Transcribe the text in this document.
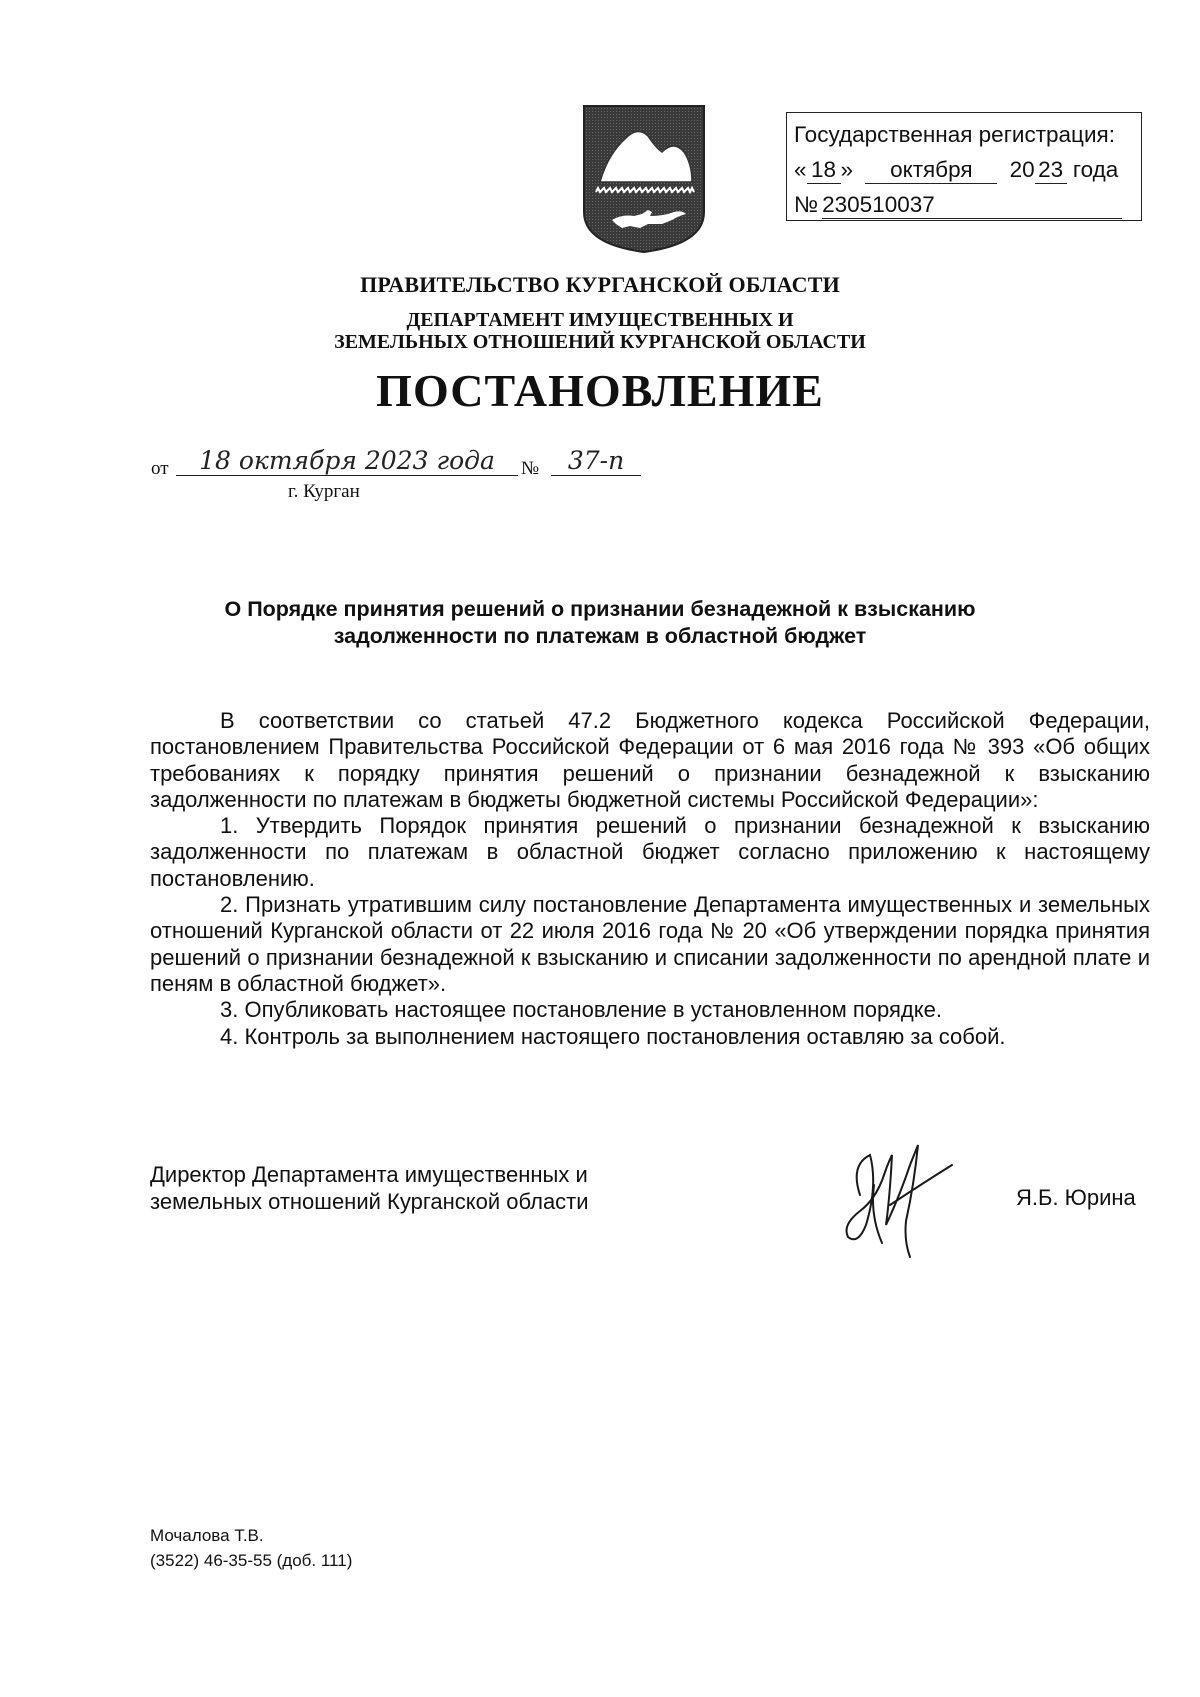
Государственная регистрация:
« 18 » октября 20 23 года
№ 230510037
ПРАВИТЕЛЬСТВО КУРГАНСКОЙ ОБЛАСТИ
ДЕПАРТАМЕНТ ИМУЩЕСТВЕННЫХ И
ЗЕМЕЛЬНЫХ ОТНОШЕНИЙ КУРГАНСКОЙ ОБЛАСТИ
ПОСТАНОВЛЕНИЕ
от	18 октября 2023 года	№	37-п
г. Курган
О Порядке принятия решений о признании безнадежной к взысканию
задолженности по платежам в областной бюджет

В соответствии со статьей 47.2 Бюджетного кодекса Российской Федерации, постановлением Правительства Российской Федерации от 6 мая 2016 года № 393 «Об общих требованиях к порядку принятия решений о признании безнадежной к взысканию задолженности по платежам в бюджеты бюджетной системы Российской Федерации»:

1. Утвердить Порядок принятия решений о признании безнадежной к взысканию задолженности по платежам в областной бюджет согласно приложению к настоящему постановлению.

2. Признать утратившим силу постановление Департамента имущественных и земельных отношений Курганской области от 22 июля 2016 года № 20 «Об утверждении порядка принятия решений о признании безнадежной к взысканию и списании задолженности по арендной плате и пеням в областной бюджет».

3. Опубликовать настоящее постановление в установленном порядке.

4. Контроль за выполнением настоящего постановления оставляю за собой.

Директор Департамента имущественных и
земельных отношений Курганской области	Я.Б. Юрина
Мочалова Т.В.
(3522) 46-35-55 (доб. 111)
